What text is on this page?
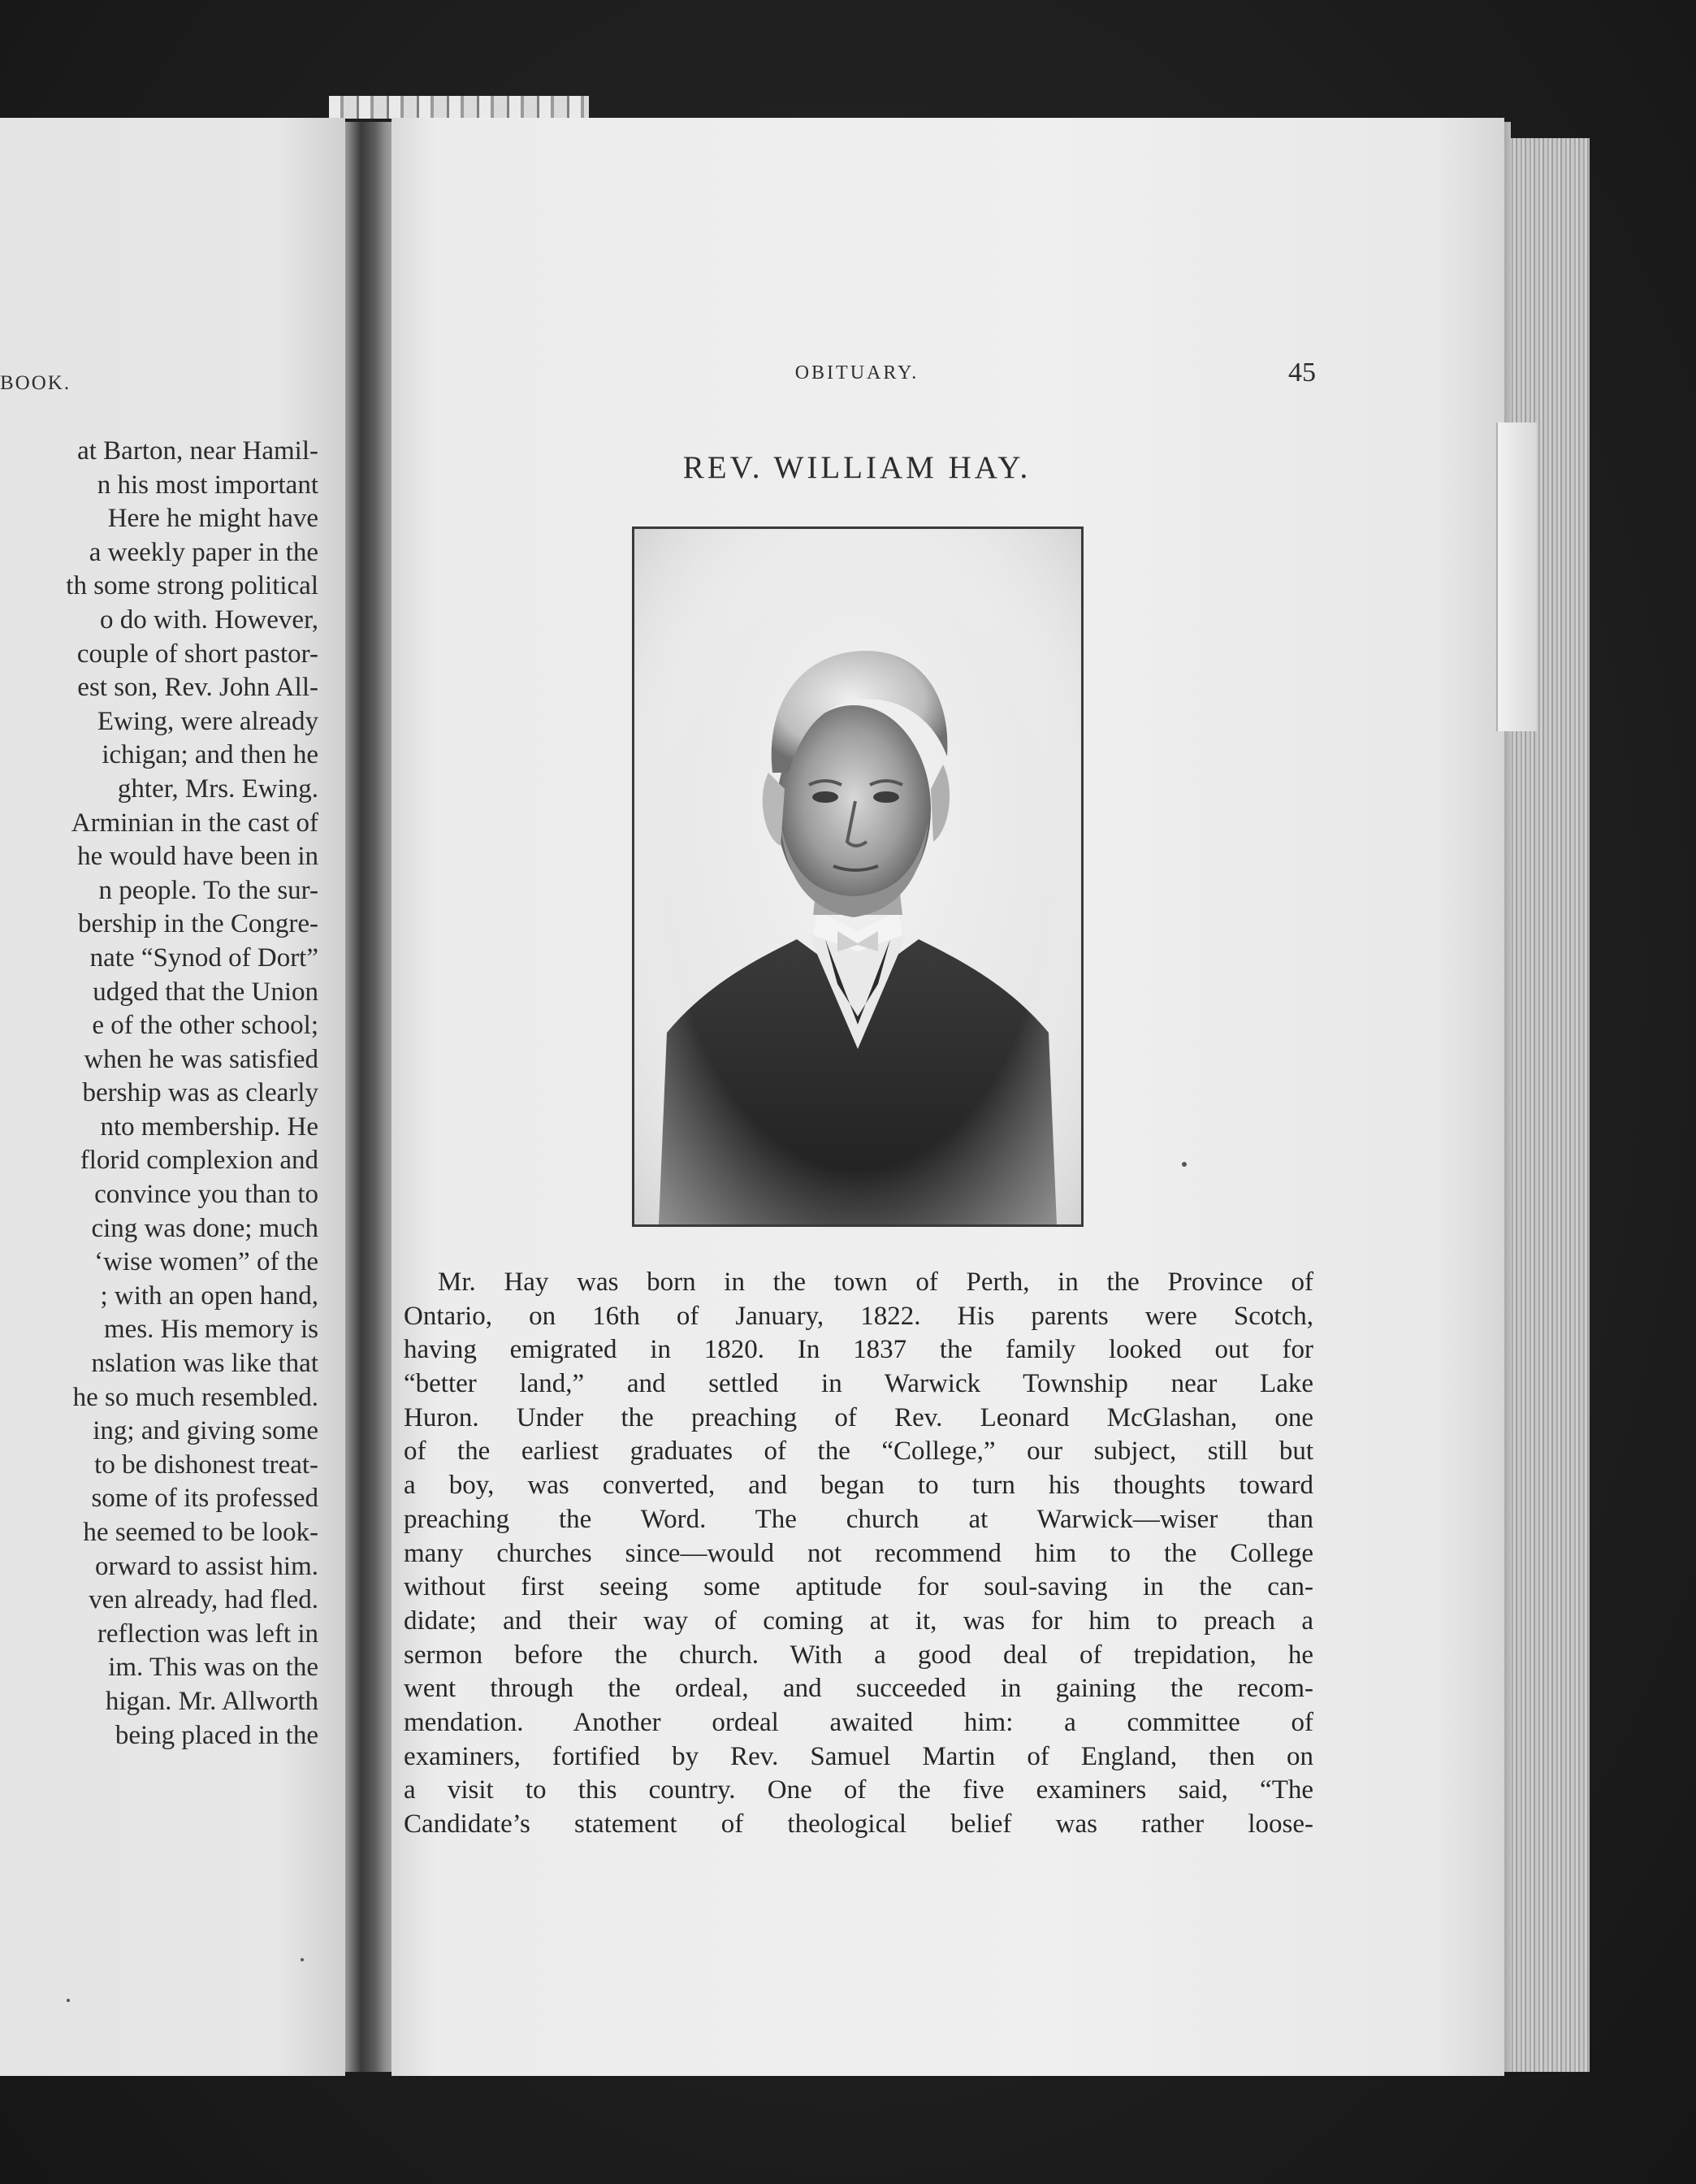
BOOK.
at Barton, near Hamil-
n his most important
Here he might have
a weekly paper in the
th some strong political
o do with. However,
couple of short pastor-
est son, Rev. John All-
Ewing, were already
ichigan; and then he
ghter, Mrs. Ewing.
Arminian in the cast of
he would have been in
n people. To the sur-
bership in the Congre-
nate “Synod of Dort”
udged that the Union
e of the other school;
when he was satisfied
bership was as clearly
nto membership. He
florid complexion and
convince you than to
cing was done; much
‘wise women” of the
; with an open hand,
mes. His memory is
nslation was like that
he so much resembled.
ing; and giving some
to be dishonest treat-
some of its professed
he seemed to be look-
orward to assist him.
ven already, had fled.
reflection was left in
im. This was on the
higan. Mr. Allworth
being placed in the
OBITUARY.	45
REV. WILLIAM HAY.
Mr. Hay was born in the town of Perth, in the Province of
Ontario, on 16th of January, 1822. His parents were Scotch,
having emigrated in 1820. In 1837 the family looked out for
“better land,” and settled in Warwick Township near Lake
Huron. Under the preaching of Rev. Leonard McGlashan, one
of the earliest graduates of the “College,” our subject, still but
a boy, was converted, and began to turn his thoughts toward
preaching the Word. The church at Warwick—wiser than
many churches since—would not recommend him to the College
without first seeing some aptitude for soul-saving in the can-
didate; and their way of coming at it, was for him to preach a
sermon before the church. With a good deal of trepidation, he
went through the ordeal, and succeeded in gaining the recom-
mendation. Another ordeal awaited him: a committee of
examiners, fortified by Rev. Samuel Martin of England, then on
a visit to this country. One of the five examiners said, “The
Candidate’s statement of theological belief was rather loose-
